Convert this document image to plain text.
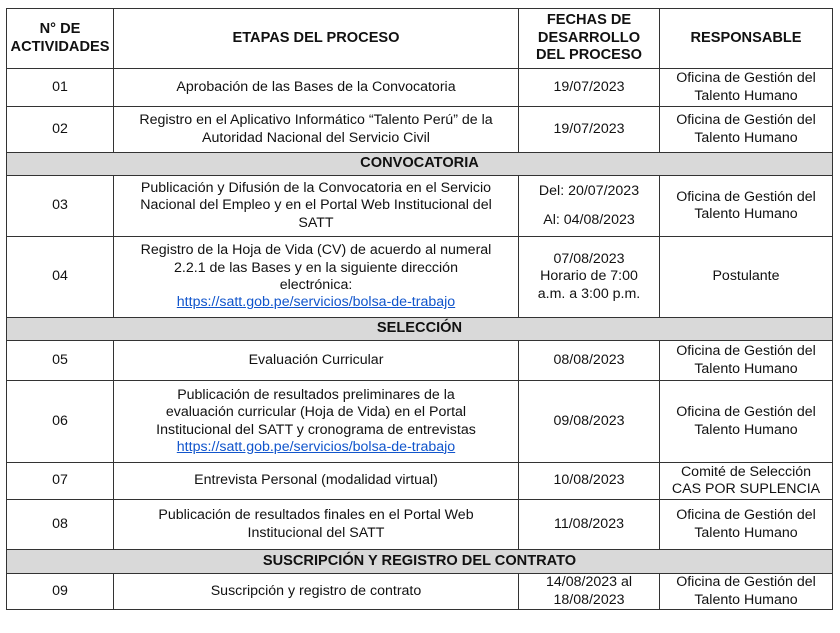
N° DE
ACTIVIDADES	ETAPAS DEL PROCESO	FECHAS DE
DESARROLLO
DEL PROCESO	RESPONSABLE
01	Aprobación de las Bases de la Convocatoria	19/07/2023	Oficina de Gestión del
Talento Humano

02	Registro en el Aplicativo Informático “Talento Perú” de la
Autoridad Nacional del Servicio Civil	19/07/2023	Oficina de Gestión del
Talento Humano

CONVOCATORIA			
03	Publicación y Difusión de la Convocatoria en el Servicio
Nacional del Empleo y en el Portal Web Institucional del
SATT	Del: 20/07/2023
Al: 04/08/2023	Oficina de Gestión del
Talento Humano

04	Registro de la Hoja de Vida (CV) de acuerdo al numeral
2.2.1 de las Bases y en la siguiente dirección
electrónica:
https://satt.gob.pe/servicios/bolsa-de-trabajo	07/08/2023
Horario de 7:00
a.m. a 3:00 p.m.	Postulante

SELECCIÓN			
05	Evaluación Curricular	08/08/2023	Oficina de Gestión del
Talento Humano

06	Publicación de resultados preliminares de la
evaluación curricular (Hoja de Vida) en el Portal
Institucional del SATT y cronograma de entrevistas
https://satt.gob.pe/servicios/bolsa-de-trabajo	09/08/2023	Oficina de Gestión del
Talento Humano

07	Entrevista Personal (modalidad virtual)	10/08/2023	Comité de Selección
CAS POR SUPLENCIA

08	Publicación de resultados finales en el Portal Web
Institucional del SATT	11/08/2023	Oficina de Gestión del
Talento Humano

SUSCRIPCIÓN Y REGISTRO DEL CONTRATO			
09	Suscripción y registro de contrato	14/08/2023 al
18/08/2023	Oficina de Gestión del
Talento Humano
